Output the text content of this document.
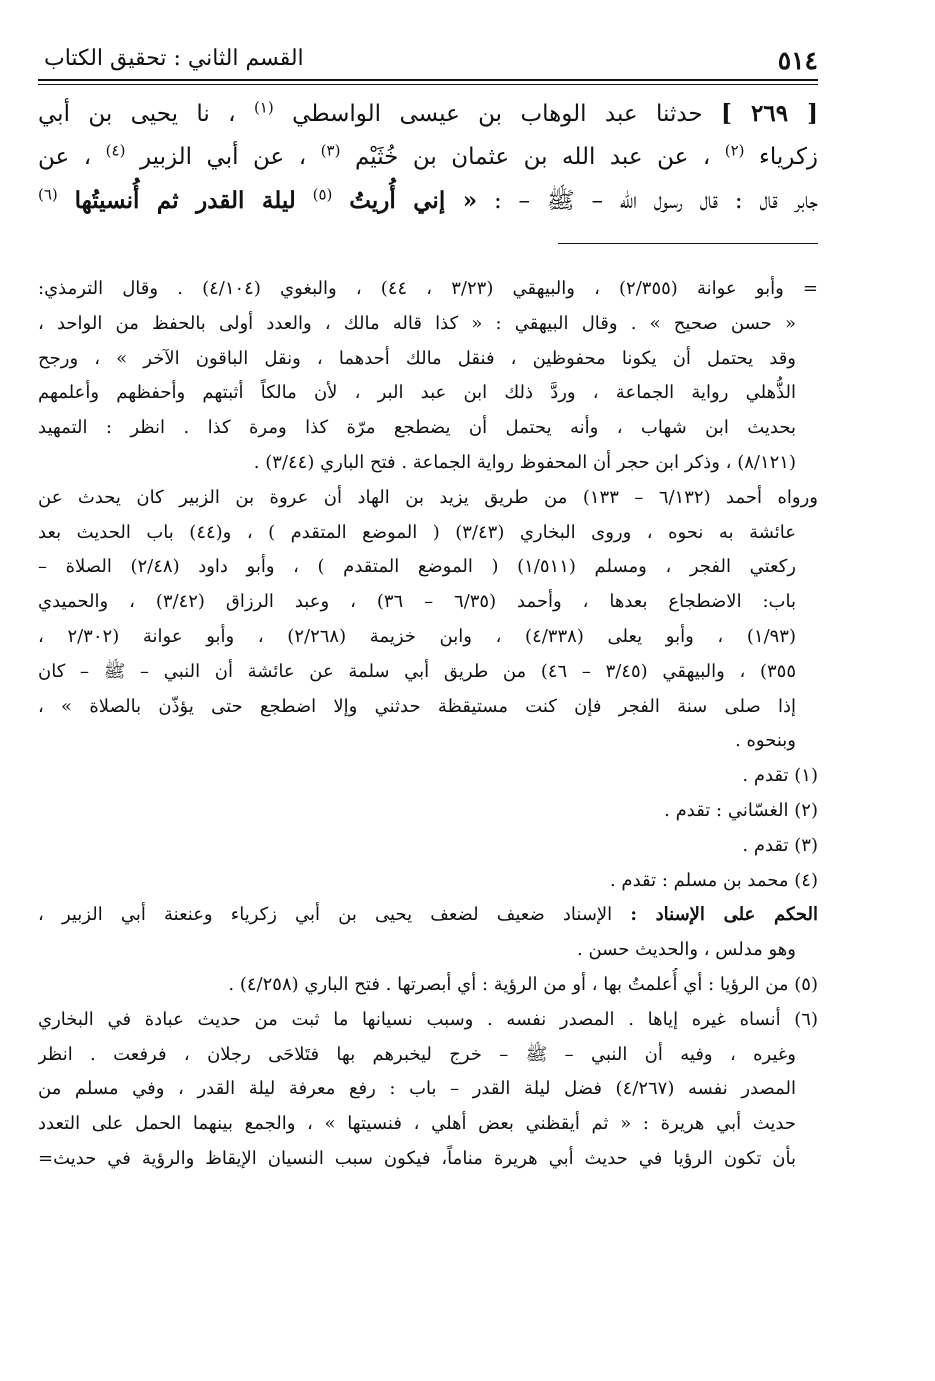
٥١٤
القسم الثاني : تحقيق الكتاب
[ ٢٦٩ ] حدثنا عبد الوهاب بن عيسى الواسطي $^{(١)}$ ، نا يحيى بن أبي
زكرياء $^{(٢)}$ ، عن عبد الله بن عثمان بن خُثَيْم $^{(٣)}$ ، عن أبي الزبير $^{(٤)}$ ، عن
جابر قال : قال رسول الله – ﷺ – : « إني أُريتُ $^{(٥)}$ ليلة القدر ثم أُنسيتُها $^{(٦)}$
= وأبو عوانة (٢/٣٥٥) ، والبيهقي (٣/٢٣ ، ٤٤) ، والبغوي (٤/١٠٤) . وقال الترمذي:
« حسن صحيح » . وقال البيهقي : « كذا قاله مالك ، والعدد أولى بالحفظ من الواحد ،
وقد يحتمل أن يكونا محفوظين ، فنقل مالك أحدهما ، ونقل الباقون الآخر » ، ورجح
الذُّهلي رواية الجماعة ، وردَّ ذلك ابن عبد البر ، لأن مالكاً أثبتهم وأحفظهم وأعلمهم
بحديث ابن شهاب ، وأنه يحتمل أن يضطجع مرّة كذا ومرة كذا . انظر : التمهيد
(٨/١٢١) ، وذكر ابن حجر أن المحفوظ رواية الجماعة . فتح الباري (٣/٤٤) .
ورواه أحمد (٦/١٣٢ – ١٣٣) من طريق يزيد بن الهاد أن عروة بن الزبير كان يحدث عن
عائشة به نحوه ، وروى البخاري (٣/٤٣) ( الموضع المتقدم ) ، و(٤٤) باب الحديث بعد
ركعتي الفجر ، ومسلم (١/٥١١) ( الموضع المتقدم ) ، وأبو داود (٢/٤٨) الصلاة –
باب: الاضطجاع بعدها ، وأحمد (٦/٣٥ – ٣٦) ، وعبد الرزاق (٣/٤٢) ، والحميدي
(١/٩٣) ، وأبو يعلى (٤/٣٣٨) ، وابن خزيمة (٢/٢٦٨) ، وأبو عوانة (٢/٣٠٢ ،
٣٥٥) ، والبيهقي (٣/٤٥ – ٤٦) من طريق أبي سلمة عن عائشة أن النبي – ﷺ – كان
إذا صلى سنة الفجر فإن كنت مستيقظة حدثني وإلا اضطجع حتى يؤذّن بالصلاة » ،
وبنحوه .
(١) تقدم .
(٢) الغسّاني : تقدم .
(٣) تقدم .
(٤) محمد بن مسلم : تقدم .
الحكم على الإسناد : الإسناد ضعيف لضعف يحيى بن أبي زكرياء وعنعنة أبي الزبير ،
وهو مدلس ، والحديث حسن .
(٥) من الرؤيا : أي أُعلمتُ بها ، أو من الرؤية : أي أبصرتها . فتح الباري (٤/٢٥٨) .
(٦) أنساه غيره إياها . المصدر نفسه . وسبب نسيانها ما ثبت من حديث عبادة في البخاري
وغيره ، وفيه أن النبي – ﷺ – خرج ليخبرهم بها فتَلاحَى رجلان ، فرفعت . انظر
المصدر نفسه (٤/٢٦٧) فضل ليلة القدر – باب : رفع معرفة ليلة القدر ، وفي مسلم من
حديث أبي هريرة : « ثم أيقظني بعض أهلي ، فنسيتها » ، والجمع بينهما الحمل على التعدد
بأن تكون الرؤيا في حديث أبي هريرة مناماً، فيكون سبب النسيان الإيقاظ والرؤية في حديث=
